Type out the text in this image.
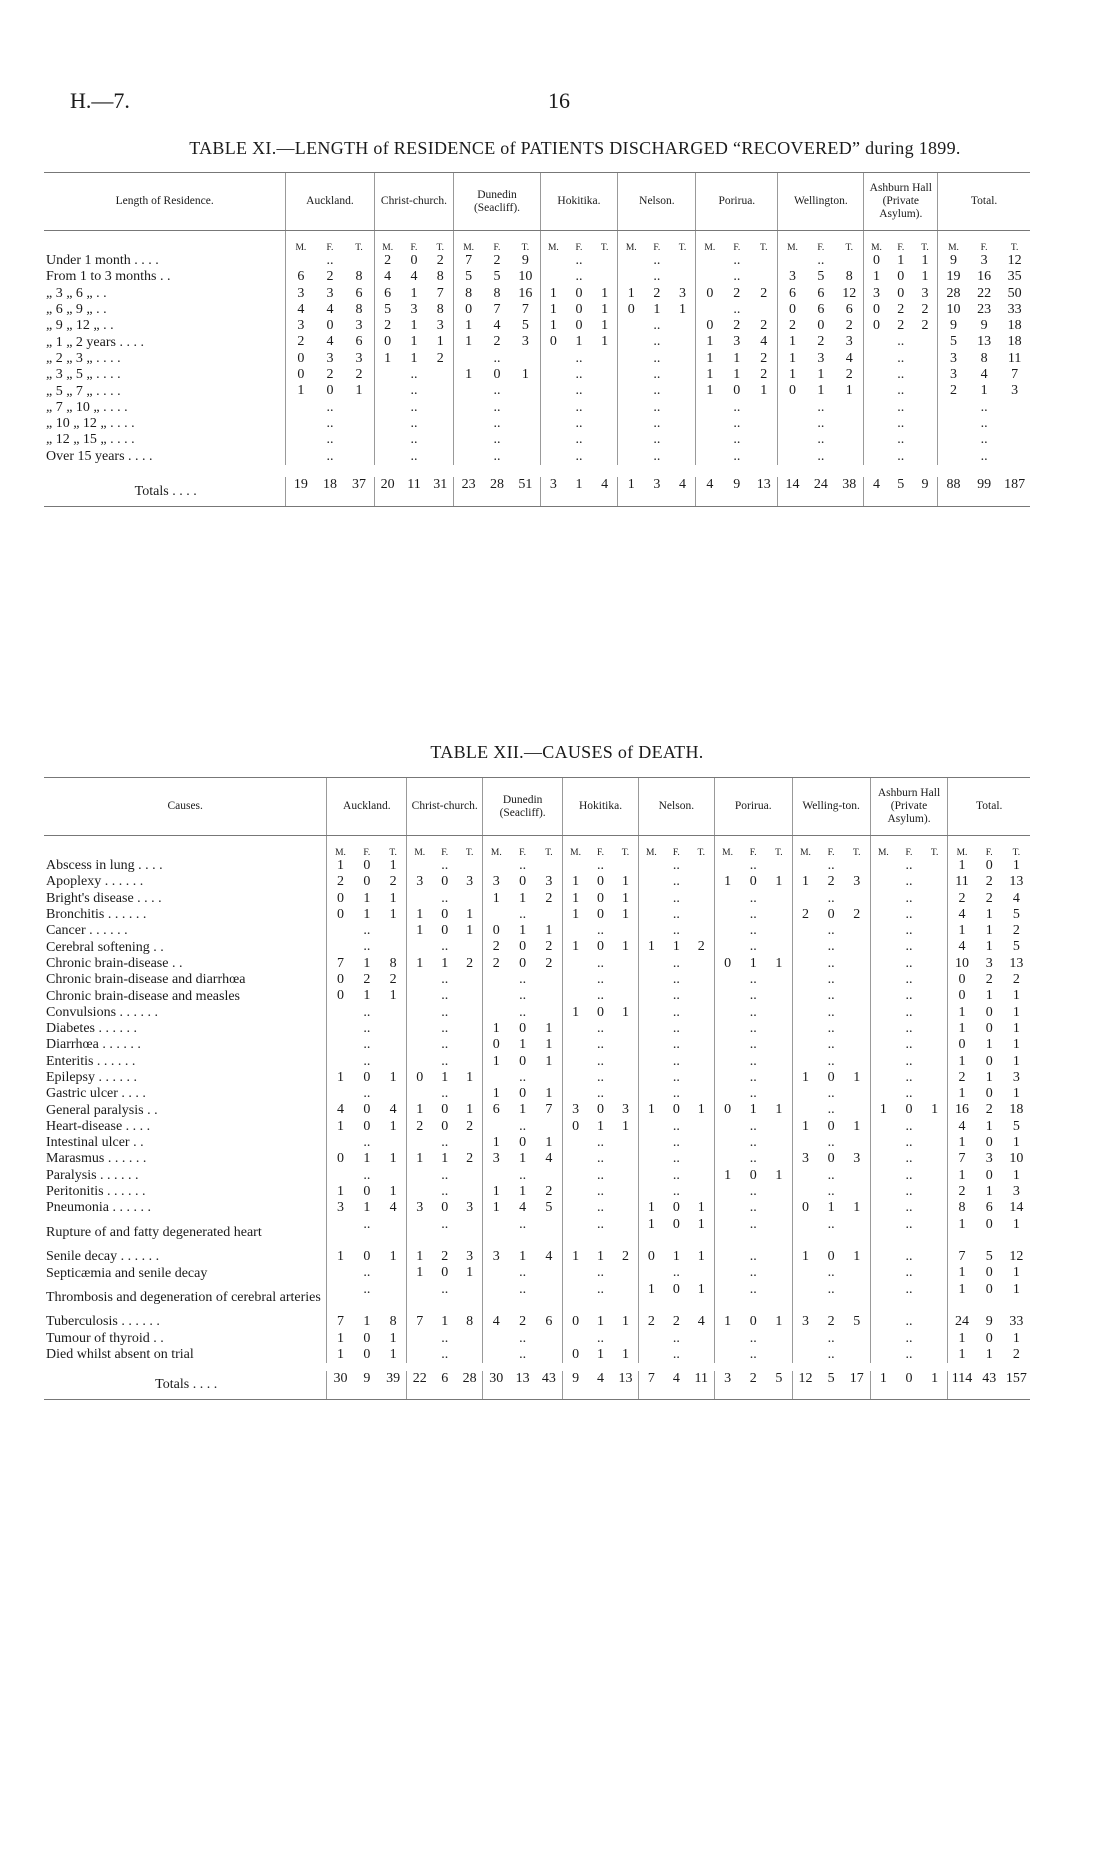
H.—7.	16
TABLE XI.—LENGTH of RESIDENCE of PATIENTS DISCHARGED “RECOVERED” during 1899.
Length of Residence.	Auckland.	Christ-church.	Dunedin (Seacliff).	Hokitika.	Nelson.	Porirua.	Wellington.	Ashburn Hall (Private Asylum).	Total.

	M. F. T.	M. F. T.	M. F. T.	M. F. T.	M. F. T.	M. F. T.	M. F. T.	M. F. T.	M. F. T.

Under 1 month . . . .	..	2 0 2	7 2 9	..	..	..	..	0 1 1	9 3 12

From 1 to 3 months . .	6 2 8	4 4 8	5 5 10	..	..	..	3 5 8	1 0 1	19 16 35

„ 3 „ 6 „ . .	3 3 6	6 1 7	8 8 16	1 0 1	1 2 3	0 2 2	6 6 12	3 0 3	28 22 50

„ 6 „ 9 „ . .	4 4 8	5 3 8	0 7 7	1 0 1	0 1 1	..	0 6 6	0 2 2	10 23 33

„ 9 „ 12 „ . .	3 0 3	2 1 3	1 4 5	1 0 1	..	0 2 2	2 0 2	0 2 2	9 9 18

„ 1 „ 2 years . . . .	2 4 6	0 1 1	1 2 3	0 1 1	..	1 3 4	1 2 3	..	5 13 18

„ 2 „ 3 „ . . . .	0 3 3	1 1 2	..	..	..	1 1 2	1 3 4	..	3 8 11

„ 3 „ 5 „ . . . .	0 2 2	..	1 0 1	..	..	1 1 2	1 1 2	..	3 4 7

„ 5 „ 7 „ . . . .	1 0 1	..	..	..	..	1 0 1	0 1 1	..	2 1 3

„ 7 „ 10 „ . . . .	..	..	..	..	..	..	..	..	..

„ 10 „ 12 „ . . . .	..	..	..	..	..	..	..	..	..

„ 12 „ 15 „ . . . .	..	..	..	..	..	..	..	..	..

Over 15 years . . . .	..	..	..	..	..	..	..	..	..

Totals . . . .	19 18 37	20 11 31	23 28 51	3 1 4	1 3 4	4 9 13	14 24 38	4 5 9	88 99 187
TABLE XII.—CAUSES of DEATH.
Causes.	Auckland.	Christ-church.	Dunedin (Seacliff).	Hokitika.	Nelson.	Porirua.	Welling-ton.	Ashburn Hall (Private Asylum).	Total.

	M. F. T.	M. F. T.	M. F. T.	M. F. T.	M. F. T.	M. F. T.	M. F. T.	M. F. T.	M. F. T.

Abscess in lung . . . .	1 0 1	..	..	..	..	..	..	..	1 0 1

Apoplexy . . . . . .	2 0 2	3 0 3	3 0 3	1 0 1	..	1 0 1	1 2 3	..	11 2 13

Bright's disease . . . .	0 1 1	..	1 1 2	1 0 1	..	..	..	..	2 2 4

Bronchitis . . . . . .	0 1 1	1 0 1	..	1 0 1	..	..	2 0 2	..	4 1 5

Cancer . . . . . .	..	1 0 1	0 1 1	..	..	..	..	..	1 1 2

Cerebral softening . .	..	..	2 0 2	1 0 1	1 1 2	..	..	..	4 1 5

Chronic brain-disease . .	7 1 8	1 1 2	2 0 2	..	..	0 1 1	..	..	10 3 13

Chronic brain-disease and diarrhœa	0 2 2	..	..	..	..	..	..	..	0 2 2

Chronic brain-disease and measles	0 1 1	..	..	..	..	..	..	..	0 1 1

Convulsions . . . . . .	..	..	..	1 0 1	..	..	..	..	1 0 1

Diabetes . . . . . .	..	..	1 0 1	..	..	..	..	..	1 0 1

Diarrhœa . . . . . .	..	..	0 1 1	..	..	..	..	..	0 1 1

Enteritis . . . . . .	..	..	1 0 1	..	..	..	..	..	1 0 1

Epilepsy . . . . . .	1 0 1	0 1 1	..	..	..	..	1 0 1	..	2 1 3

Gastric ulcer . . . .	..	..	1 0 1	..	..	..	..	..	1 0 1

General paralysis . .	4 0 4	1 0 1	6 1 7	3 0 3	1 0 1	0 1 1	..	1 0 1	16 2 18

Heart-disease . . . .	1 0 1	2 0 2	..	0 1 1	..	..	1 0 1	..	4 1 5

Intestinal ulcer . .	..	..	1 0 1	..	..	..	..	..	1 0 1

Marasmus . . . . . .	0 1 1	1 1 2	3 1 4	..	..	..	3 0 3	..	7 3 10

Paralysis . . . . . .	..	..	..	..	..	1 0 1	..	..	1 0 1

Peritonitis . . . . . .	1 0 1	..	1 1 2	..	..	..	..	..	2 1 3

Pneumonia . . . . . .	3 1 4	3 0 3	1 4 5	..	1 0 1	..	0 1 1	..	8 6 14

Rupture of and fatty degenerated heart	..	..	..	..	1 0 1	..	..	..	1 0 1

Senile decay . . . . . .	1 0 1	1 2 3	3 1 4	1 1 2	0 1 1	..	1 0 1	..	7 5 12

Septicæmia and senile decay	..	1 0 1	..	..	..	..	..	..	1 0 1

Thrombosis and degeneration of cerebral arteries	..	..	..	..	1 0 1	..	..	..	1 0 1

Tuberculosis . . . . . .	7 1 8	7 1 8	4 2 6	0 1 1	2 2 4	1 0 1	3 2 5	..	24 9 33

Tumour of thyroid . .	1 0 1	..	..	..	..	..	..	..	1 0 1

Died whilst absent on trial	1 0 1	..	..	0 1 1	..	..	..	..	1 1 2

Totals . . . .	30 9 39	22 6 28	30 13 43	9 4 13	7 4 11	3 2 5	12 5 17	1 0 1	114 43 157
